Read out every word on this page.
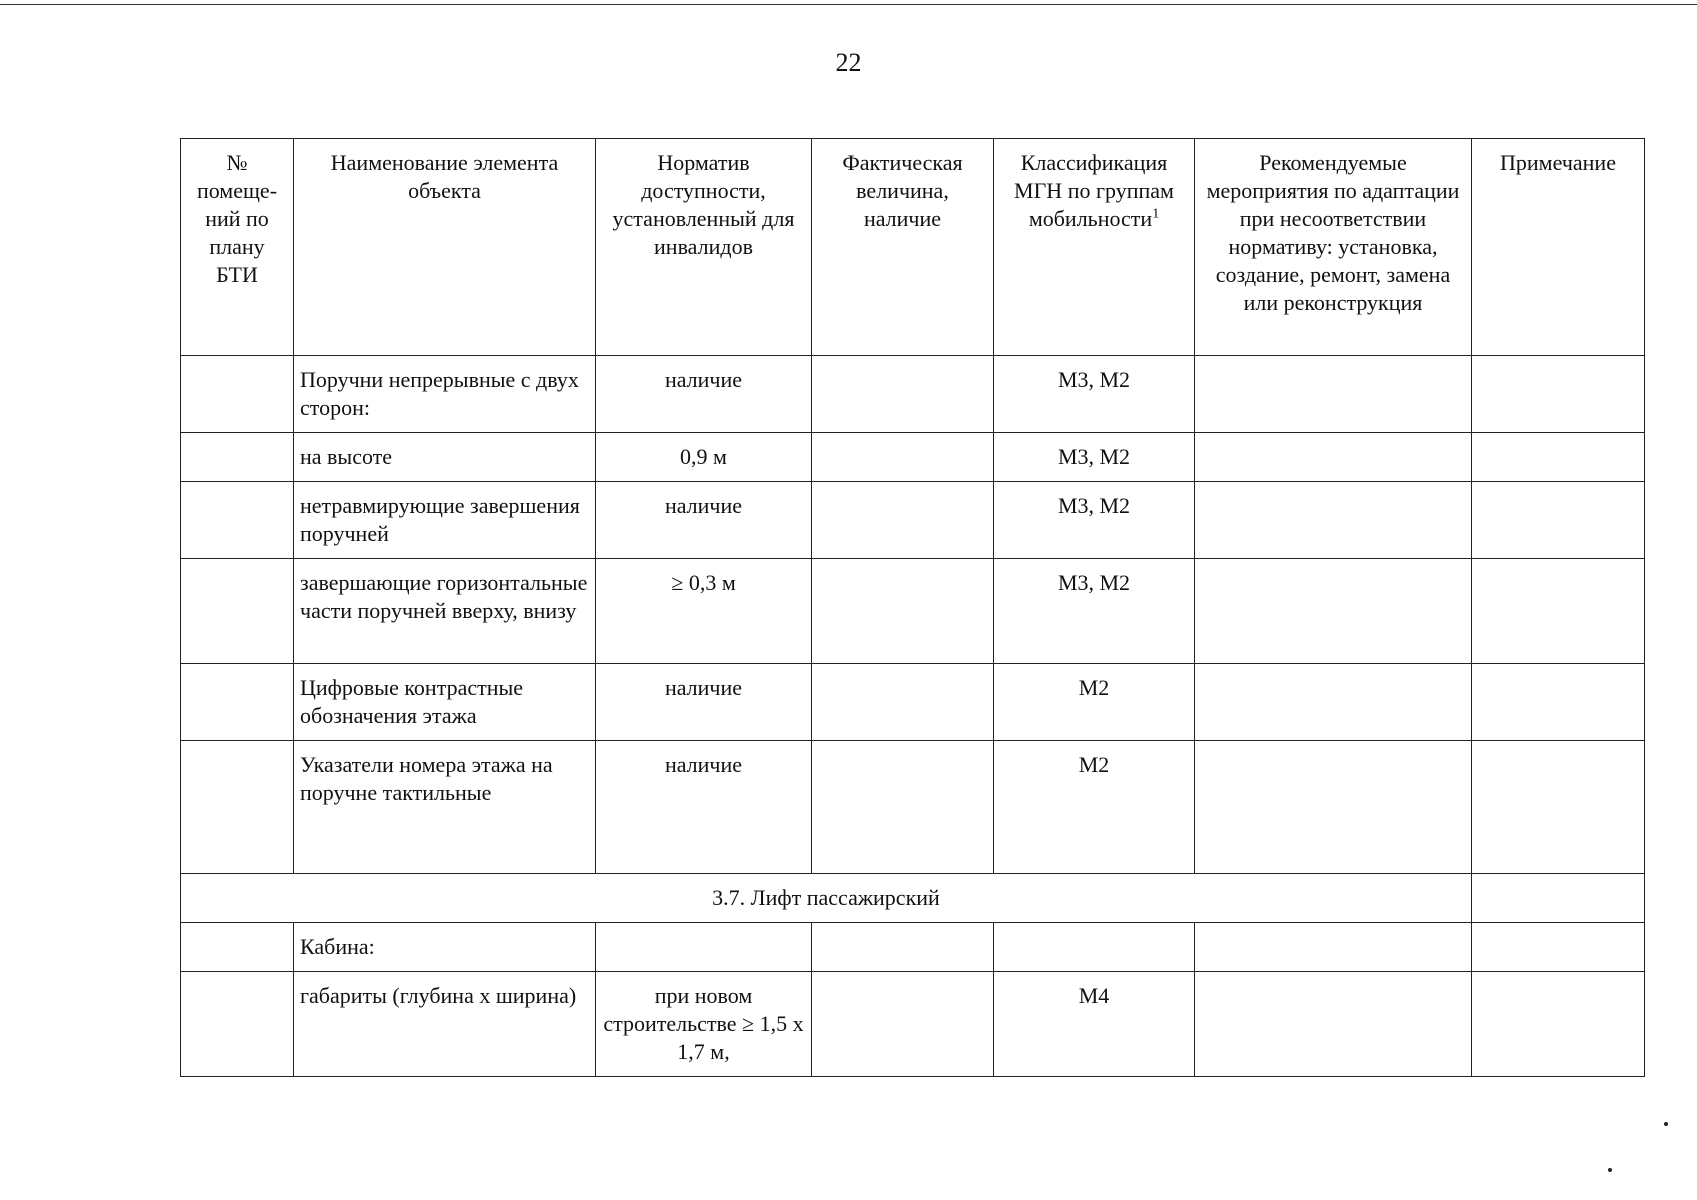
22
№
помеще-
ний по
плану
БТИ	Наименование элемента объекта	Норматив доступности, установленный для инвалидов	Фактическая величина, наличие	Классификация МГН по группам мобильности$^1$	Рекомендуемые мероприятия по адаптации при несоответствии нормативу: установка, создание, ремонт, замена или реконструкция	Примечание
	Поручни непрерывные с двух сторон:	наличие		М3, М2		
	на высоте	0,9 м		М3, М2		
	нетравмирующие завершения поручней	наличие		М3, М2		
	завершающие горизонтальные части поручней вверху, внизу	≥ 0,3 м		М3, М2		
	Цифровые контрастные обозначения этажа	наличие		М2		
	Указатели номера этажа на поручне тактильные	наличие		М2		
3.7. Лифт пассажирский						
	Кабина:					
	габариты (глубина х ширина)	при новом строительстве ≥ 1,5 х 1,7 м,		М4		
